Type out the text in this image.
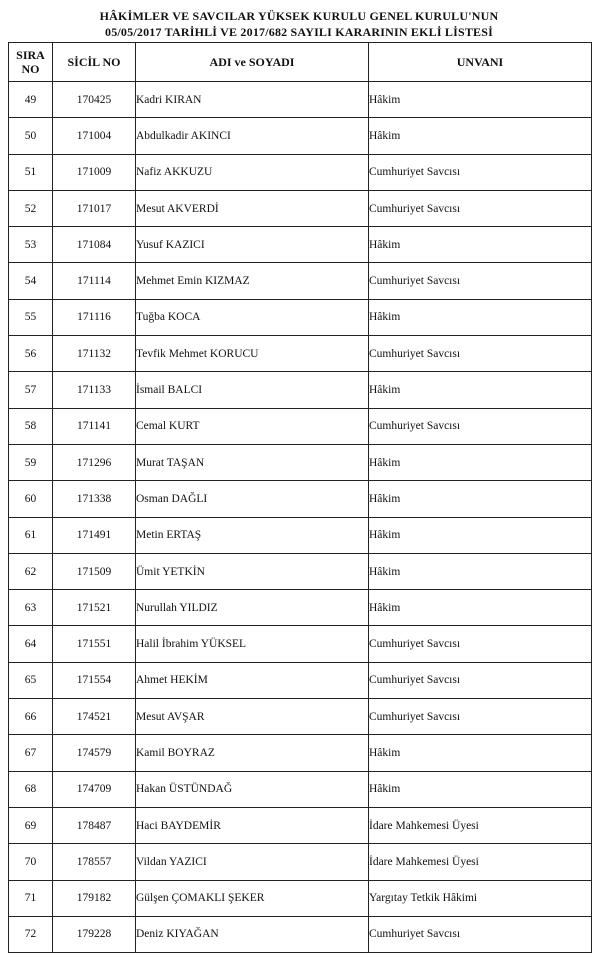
HÂKİMLER VE SAVCILAR YÜKSEK KURULU GENEL KURULU'NUN
05/05/2017 TARİHLİ VE 2017/682 SAYILI KARARININ EKLİ LİSTESİ
SIRA
NO	SİCİL NO	ADI ve SOYADI	UNVANI
49	170425	Kadri KIRAN	Hâkim
50	171004	Abdulkadir AKINCI	Hâkim
51	171009	Nafiz AKKUZU	Cumhuriyet Savcısı
52	171017	Mesut AKVERDİ	Cumhuriyet Savcısı
53	171084	Yusuf KAZICI	Hâkim
54	171114	Mehmet Emin KIZMAZ	Cumhuriyet Savcısı
55	171116	Tuğba KOCA	Hâkim
56	171132	Tevfik Mehmet KORUCU	Cumhuriyet Savcısı
57	171133	İsmail BALCI	Hâkim
58	171141	Cemal KURT	Cumhuriyet Savcısı
59	171296	Murat TAŞAN	Hâkim
60	171338	Osman DAĞLI	Hâkim
61	171491	Metin ERTAŞ	Hâkim
62	171509	Ümit YETKİN	Hâkim
63	171521	Nurullah YILDIZ	Hâkim
64	171551	Halil İbrahim YÜKSEL	Cumhuriyet Savcısı
65	171554	Ahmet HEKİM	Cumhuriyet Savcısı
66	174521	Mesut AVŞAR	Cumhuriyet Savcısı
67	174579	Kamil BOYRAZ	Hâkim
68	174709	Hakan ÜSTÜNDAĞ	Hâkim
69	178487	Haci BAYDEMİR	İdare Mahkemesi Üyesi
70	178557	Vildan YAZICI	İdare Mahkemesi Üyesi
71	179182	Gülşen ÇOMAKLI ŞEKER	Yargıtay Tetkik Hâkimi
72	179228	Deniz KIYAĞAN	Cumhuriyet Savcısı
